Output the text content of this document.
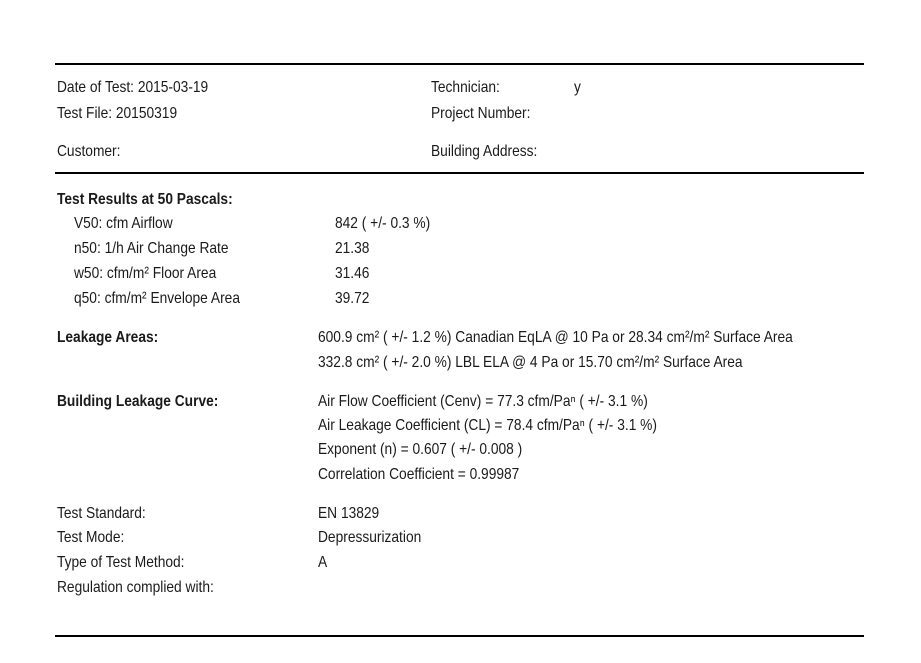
Date of Test: 2015-03-19
Test File: 20150319
Customer:
Technician:	y
Project Number:
Building Address:
Test Results at 50 Pascals:
V50: cfm Airflow	842 ( +/- 0.3 %)
n50: 1/h Air Change Rate	21.38
w50: cfm/m² Floor Area	31.46
q50: cfm/m² Envelope Area	39.72
Leakage Areas:	600.9 cm² ( +/- 1.2 %) Canadian EqLA @ 10 Pa or 28.34 cm²/m² Surface Area
332.8 cm² ( +/- 2.0 %) LBL ELA @ 4 Pa or 15.70 cm²/m² Surface Area
Building Leakage Curve:	Air Flow Coefficient (Cenv) = 77.3 cfm/Paⁿ ( +/- 3.1 %)
Air Leakage Coefficient (CL) = 78.4 cfm/Paⁿ ( +/- 3.1 %)
Exponent (n) = 0.607 ( +/- 0.008 )
Correlation Coefficient = 0.99987
Test Standard:	EN 13829
Test Mode:	Depressurization
Type of Test Method:	A
Regulation complied with:
